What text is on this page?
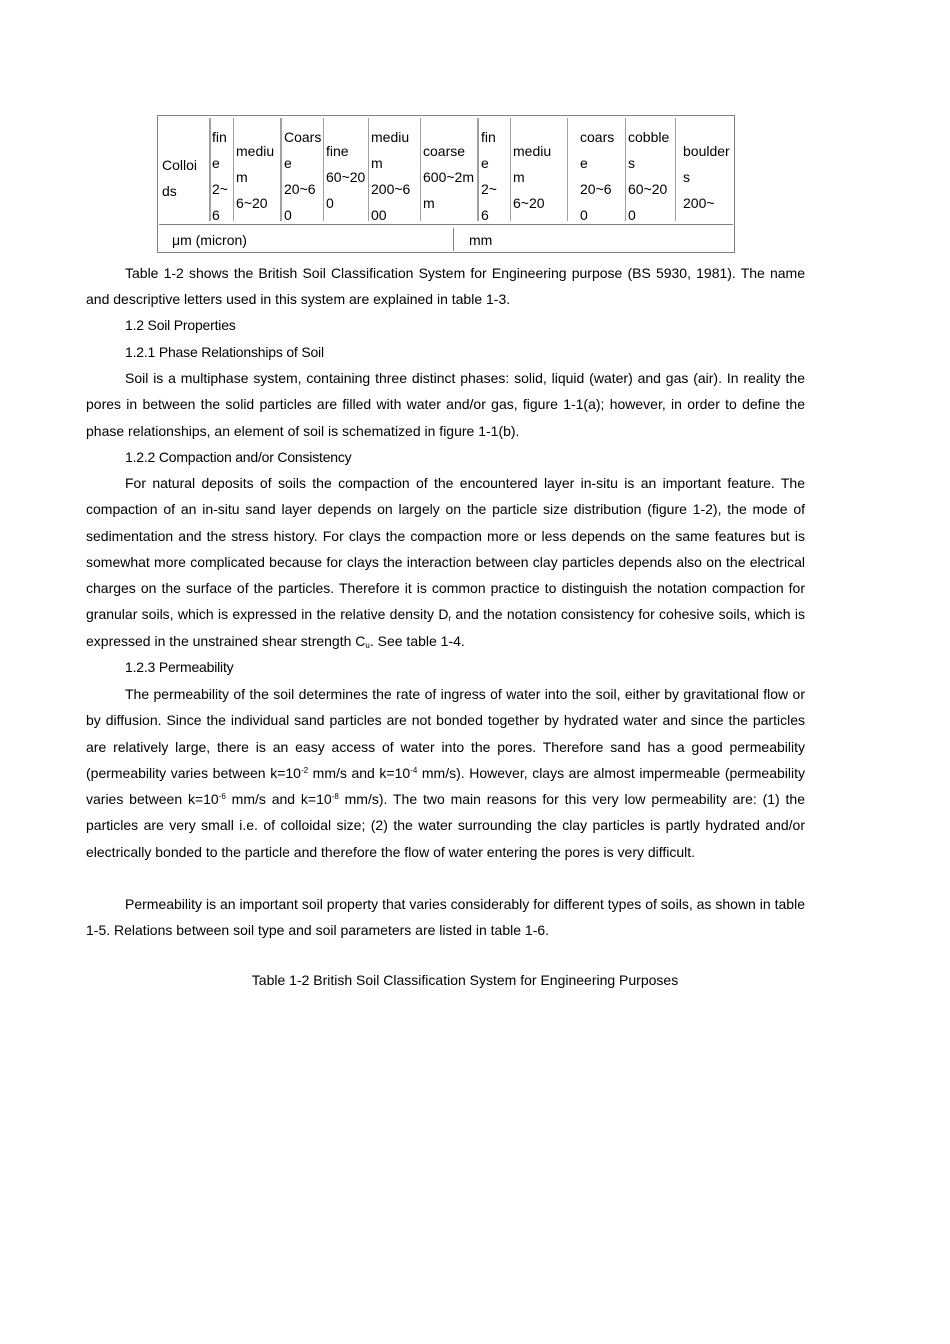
Colloi
ds
fin
e
2~
6
mediu
m
6~20
Coars
e
20~6
0
fine
60~20
0
mediu
m
200~6
00
coarse
600~2m
m
fin
e
2~
6
mediu
m
6~20
coars
e
20~6
0
cobble
s
60~20
0
boulder
s
200~
μm (micron)	mm

Table 1-2 shows the British Soil Classification System for Engineering purpose (BS 5930, 1981). The name and descriptive letters used in this system are explained in table 1-3.

1.2 Soil Properties
1.2.1 Phase Relationships of Soil

Soil is a multiphase system, containing three distinct phases: solid, liquid (water) and gas (air). In reality the pores in between the solid particles are filled with water and/or gas, figure 1-1(a); however, in order to define the phase relationships, an element of soil is schematized in figure 1-1(b).

1.2.2 Compaction and/or Consistency

For natural deposits of soils the compaction of the encountered layer in-situ is an important feature. The compaction of an in-situ sand layer depends on largely on the particle size distribution (figure 1-2), the mode of sedimentation and the stress history. For clays the compaction more or less depends on the same features but is somewhat more complicated because for clays the interaction between clay particles depends also on the electrical charges on the surface of the particles. Therefore it is common practice to distinguish the notation compaction for granular soils, which is expressed in the relative density $D_r$ and the notation consistency for cohesive soils, which is expressed in the unstrained shear strength $C_u$. See table 1-4.

1.2.3 Permeability

The permeability of the soil determines the rate of ingress of water into the soil, either by gravitational flow or by diffusion. Since the individual sand particles are not bonded together by hydrated water and since the particles are relatively large, there is an easy access of water into the pores. Therefore sand has a good permeability (permeability varies between $k=10^{-2}$ mm/s and $k=10^{-4}$ mm/s). However, clays are almost impermeable (permeability varies between $k=10^{-6}$ mm/s and $k=10^{-8}$ mm/s). The two main reasons for this very low permeability are: (1) the particles are very small i.e. of colloidal size; (2) the water surrounding the clay particles is partly hydrated and/or electrically bonded to the particle and therefore the flow of water entering the pores is very difficult.

Permeability is an important soil property that varies considerably for different types of soils, as shown in table 1-5. Relations between soil type and soil parameters are listed in table 1-6.

Table 1-2 British Soil Classification System for Engineering Purposes
